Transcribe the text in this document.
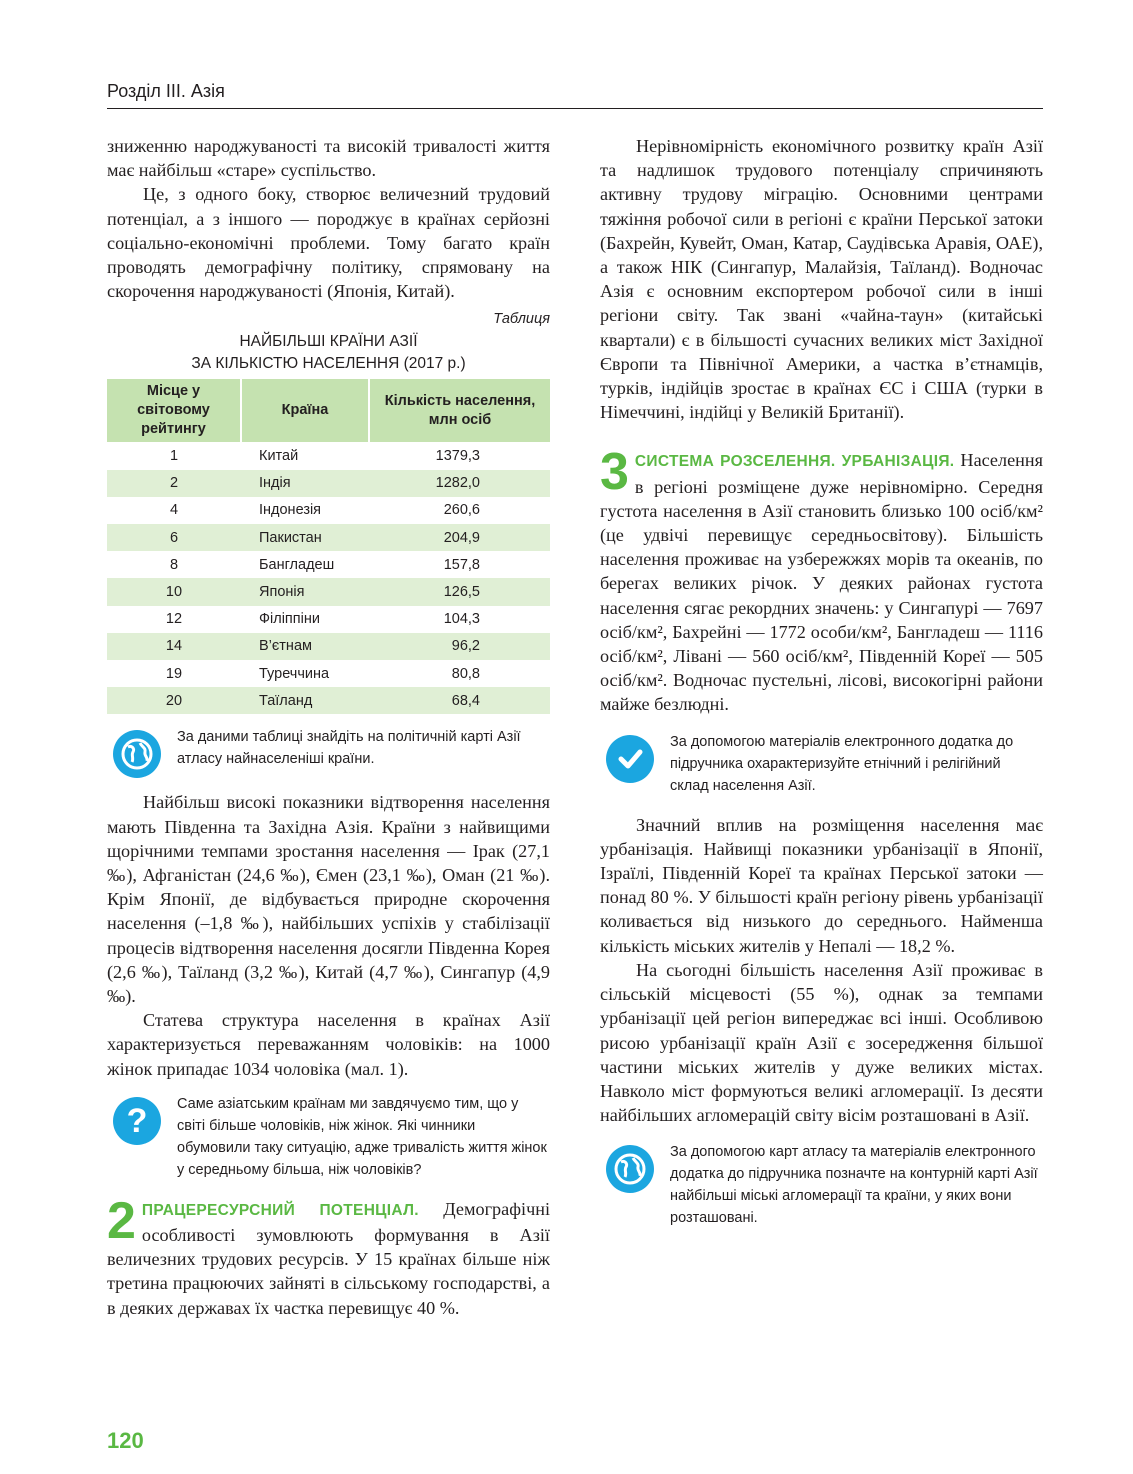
Розділ ІІІ. Азія

зниженню народжуваності та високій тривалості життя має найбільш «старе» суспільство.

Це, з одного боку, створює величезний трудовий потенціал, а з іншого — породжує в країнах серйозні соціально-економічні проблеми. Тому багато країн проводять демографічну політику, спрямовану на скорочення народжуваності (Японія, Китай).

Таблиця
НАЙБІЛЬШІ КРАЇНИ АЗІЇ
ЗА КІЛЬКІСТЮ НАСЕЛЕННЯ (2017 р.)
Місце у світовому рейтингу	Країна	Кількість населення, млн осіб
1	Китай	1379,3
2	Індія	1282,0
4	Індонезія	260,6
6	Пакистан	204,9
8	Бангладеш	157,8
10	Японія	126,5
12	Філіппіни	104,3
14	В’єтнам	96,2
19	Туреччина	80,8
20	Таїланд	68,4
За даними таблиці знайдіть на політичній карті Азії атласу найнаселеніші країни.

Найбільш високі показники відтворення населення мають Південна та Західна Азія. Країни з найвищими щорічними темпами зростання населення — Ірак (27,1 ‰), Афганістан (24,6 ‰), Ємен (23,1 ‰), Оман (21 ‰). Крім Японії, де відбувається природне скорочення населення (–1,8 ‰), найбільших успіхів у стабілізації процесів відтворення населення досягли Південна Корея (2,6 ‰), Таїланд (3,2 ‰), Китай (4,7 ‰), Сингапур (4,9 ‰).

Статева структура населення в країнах Азії характеризується переважанням чоловіків: на 1000 жінок припадає 1034 чоловіка (мал. 1).

? Саме азіатським країнам ми завдячуємо тим, що у світі більше чоловіків, ніж жінок. Які чинники обумовили таку ситуацію, адже тривалість життя жінок у середньому більша, ніж чоловіків?
2 ПРАЦЕРЕСУРСНИЙ ПОТЕНЦІАЛ. Демографічні особливості зумовлюють формування в Азії величезних трудових ресурсів. У 15 країнах більше ніж третина працюючих зайняті в сільському господарстві, а в деяких державах їх частка перевищує 40 %.

Нерівномірність економічного розвитку країн Азії та надлишок трудового потенціалу спричиняють активну трудову міграцію. Основними центрами тяжіння робочої сили в регіоні є країни Перської затоки (Бахрейн, Кувейт, Оман, Катар, Саудівська Аравія, ОАЕ), а також НІК (Сингапур, Малайзія, Таїланд). Водночас Азія є основним експортером робочої сили в інші регіони світу. Так звані «чайна-таун» (китайські квартали) є в більшості сучасних великих міст Західної Європи та Північної Америки, а частка в’єтнамців, турків, індійців зростає в країнах ЄС і США (турки в Німеччині, індійці у Великій Британії).

3 СИСТЕМА РОЗСЕЛЕННЯ. УРБАНІЗАЦІЯ. Населення в регіоні розміщене дуже нерівномірно. Середня густота населення в Азії становить близько 100 осіб/км² (це удвічі перевищує середньосвітову). Більшість населення проживає на узбережжях морів та океанів, по берегах великих річок. У деяких районах густота населення сягає рекордних значень: у Сингапурі — 7697 осіб/км², Бахрейні — 1772 особи/км², Бангладеш — 1116 осіб/км², Лівані — 560 осіб/км², Південній Кореї — 505 осіб/км². Водночас пустельні, лісові, високогірні райони майже безлюдні.

За допомогою матеріалів електронного додатка до підручника охарактеризуйте етнічний і релігійний склад населення Азії.

Значний вплив на розміщення населення має урбанізація. Найвищі показники урбанізації в Японії, Ізраїлі, Південній Кореї та країнах Перської затоки — понад 80 %. У більшості країн регіону рівень урбанізації коливається від низького до середнього. Найменша кількість міських жителів у Непалі — 18,2 %.

На сьогодні більшість населення Азії проживає в сільській місцевості (55 %), однак за темпами урбанізації цей регіон випереджає всі інші. Особливою рисою урбанізації країн Азії є зосередження більшої частини міських жителів у дуже великих містах. Навколо міст формуються великі агломерації. Із десяти найбільших агломерацій світу вісім розташовані в Азії.

За допомогою карт атласу та матеріалів електронного додатка до підручника позначте на контурній карті Азії найбільші міські агломерації та країни, у яких вони розташовані.
120
